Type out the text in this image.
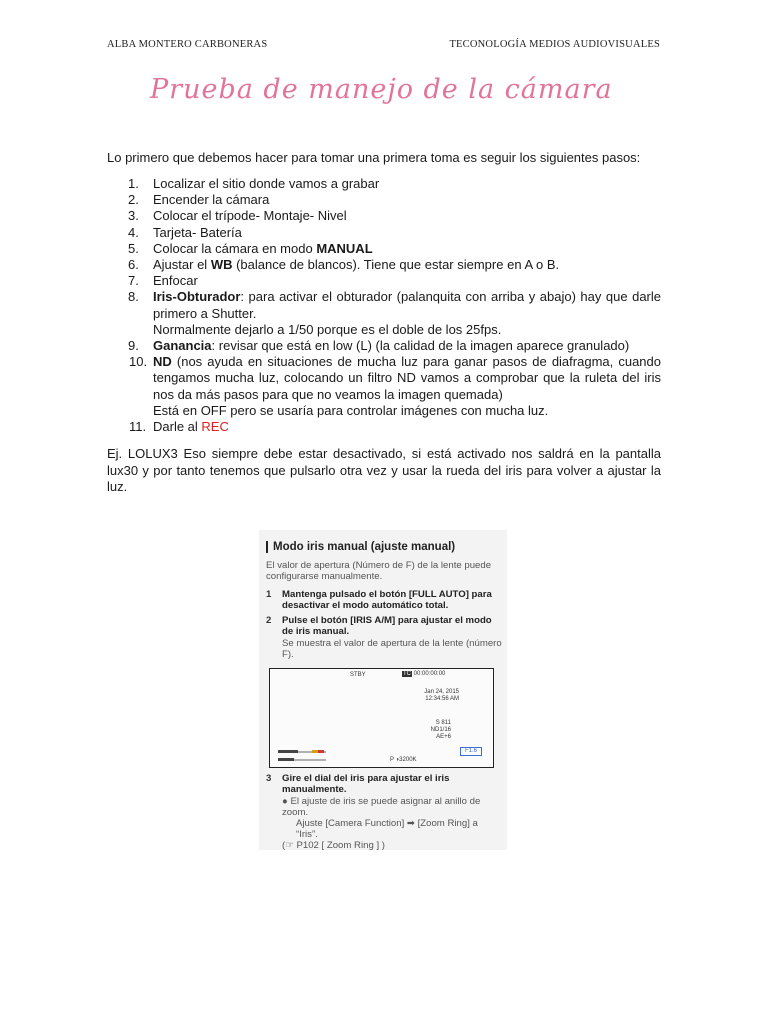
ALBA MONTERO CARBONERAS	TECONOLOGÍA MEDIOS AUDIOVISUALES
Prueba de manejo de la cámara
Lo primero que debemos hacer para tomar una primera toma es seguir los siguientes pasos:
1.	Localizar el sitio donde vamos a grabar
2.	Encender la cámara
3.	Colocar el trípode- Montaje- Nivel
4.	Tarjeta- Batería
5.	Colocar la cámara en modo MANUAL
6.	Ajustar el WB (balance de blancos). Tiene que estar siempre en A o B.
7.	Enfocar
8.	Iris-Obturador: para activar el obturador (palanquita con arriba y abajo) hay que darle primero a Shutter.
Normalmente dejarlo a 1/50 porque es el doble de los 25fps.
9.	Ganancia: revisar que está en low (L) (la calidad de la imagen aparece granulado)
10. ND (nos ayuda en situaciones de mucha luz para ganar pasos de diafragma, cuando tengamos mucha luz, colocando un filtro ND vamos a comprobar que la ruleta del iris nos da más pasos para que no veamos la imagen quemada)
Está en OFF pero se usaría para controlar imágenes con mucha luz.
11. Darle al REC
Ej. LOLUX3 Eso siempre debe estar desactivado, si está activado nos saldrá en la pantalla lux30 y por tanto tenemos que pulsarlo otra vez y usar la rueda del iris para volver a ajustar la luz.
Modo iris manual (ajuste manual)
El valor de apertura (Número de F) de la lente puede configurarse manualmente.
1 Mantenga pulsado el botón [FULL AUTO] para desactivar el modo automático total.
2 Pulse el botón [IRIS A/M] para ajustar el modo de iris manual.
Se muestra el valor de apertura de la lente (número F).
STBY	TC 00:00:00:00
Jan 24, 2015
12:34:56 AM
S 811
ND1/16
AE+6
F1.6
P ◑3200K
3 Gire el dial del iris para ajustar el iris manualmente.
● El ajuste de iris se puede asignar al anillo de zoom.
Ajuste [Camera Function] ➡ [Zoom Ring] a “Iris”.
(☞ P102 [ Zoom Ring ] )
